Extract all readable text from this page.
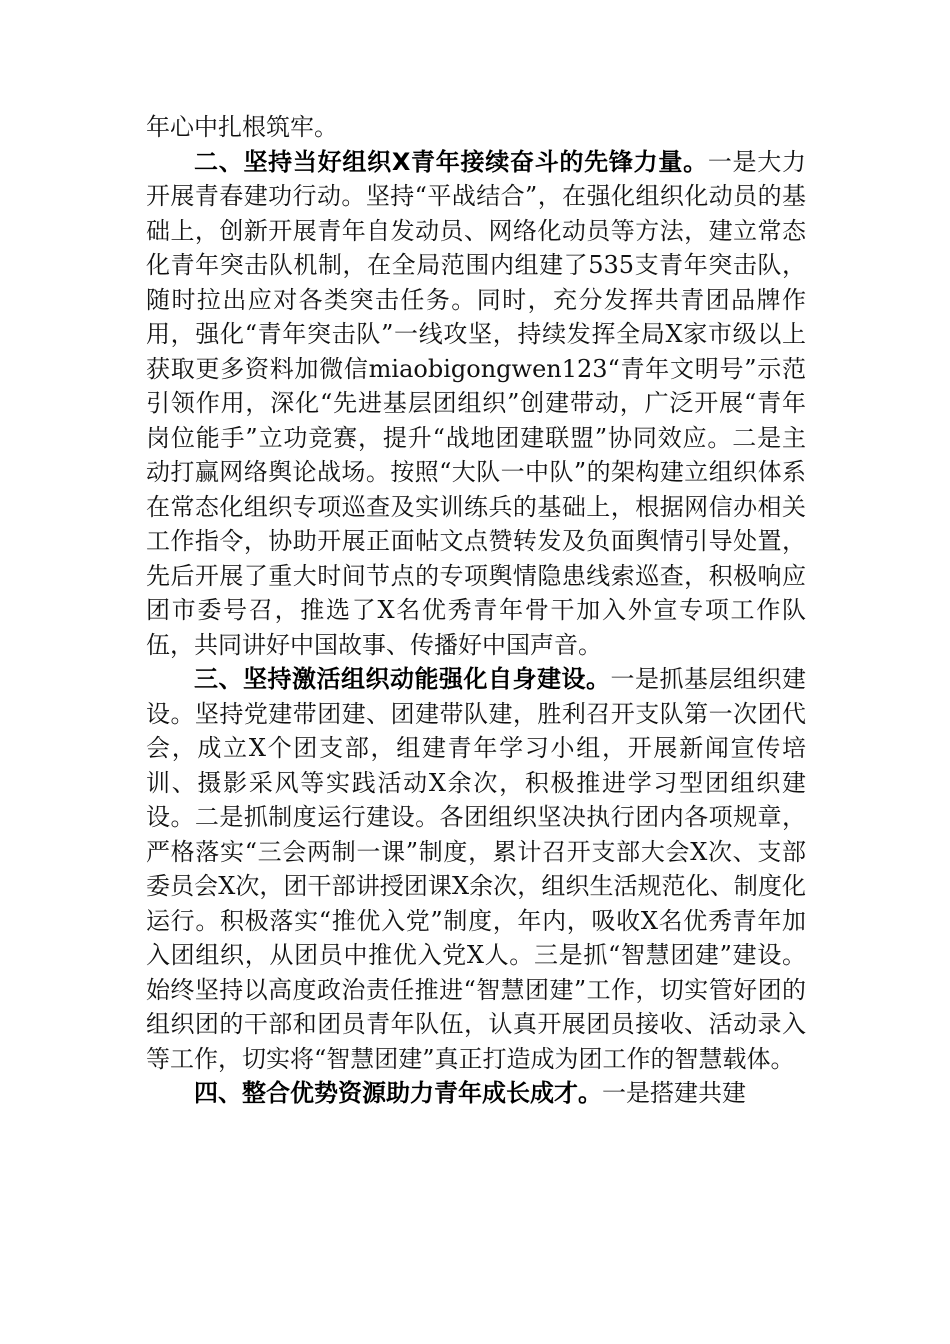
年心中扎根筑牢。

二、坚持当好组织X青年接续奋斗的先锋力量。一是大力开展青春建功行动。坚持“平战结合”，在强化组织化动员的基础上，创新开展青年自发动员、网络化动员等方法，建立常态化青年突击队机制，在全局范围内组建了535支青年突击队，随时拉出应对各类突击任务。同时，充分发挥共青团品牌作用，强化“青年突击队”一线攻坚，持续发挥全局X家市级以上获取更多资料加微信miaobigongwen123“青年文明号”示范引领作用，深化“先进基层团组织”创建带动，广泛开展“青年岗位能手”立功竞赛，提升“战地团建联盟”协同效应。二是主动打赢网络舆论战场。按照“大队一中队”的架构建立组织体系在常态化组织专项巡查及实训练兵的基础上，根据网信办相关工作指令，协助开展正面帖文点赞转发及负面舆情引导处置，先后开展了重大时间节点的专项舆情隐患线索巡查，积极响应团市委号召，推选了X名优秀青年骨干加入外宣专项工作队伍，共同讲好中国故事、传播好中国声音。

三、坚持激活组织动能强化自身建设。一是抓基层组织建设。坚持党建带团建、团建带队建，胜利召开支队第一次团代会，成立X个团支部，组建青年学习小组，开展新闻宣传培训、摄影采风等实践活动X余次，积极推进学习型团组织建设。二是抓制度运行建设。各团组织坚决执行团内各项规章，严格落实“三会两制一课”制度，累计召开支部大会X次、支部委员会X次，团干部讲授团课X余次，组织生活规范化、制度化运行。积极落实“推优入党”制度，年内，吸收X名优秀青年加入团组织，从团员中推优入党X人。三是抓“智慧团建”建设。始终坚持以高度政治责任推进“智慧团建”工作，切实管好团的组织团的干部和团员青年队伍，认真开展团员接收、活动录入等工作，切实将“智慧团建”真正打造成为团工作的智慧载体。

四、整合优势资源助力青年成长成才。一是搭建共建
